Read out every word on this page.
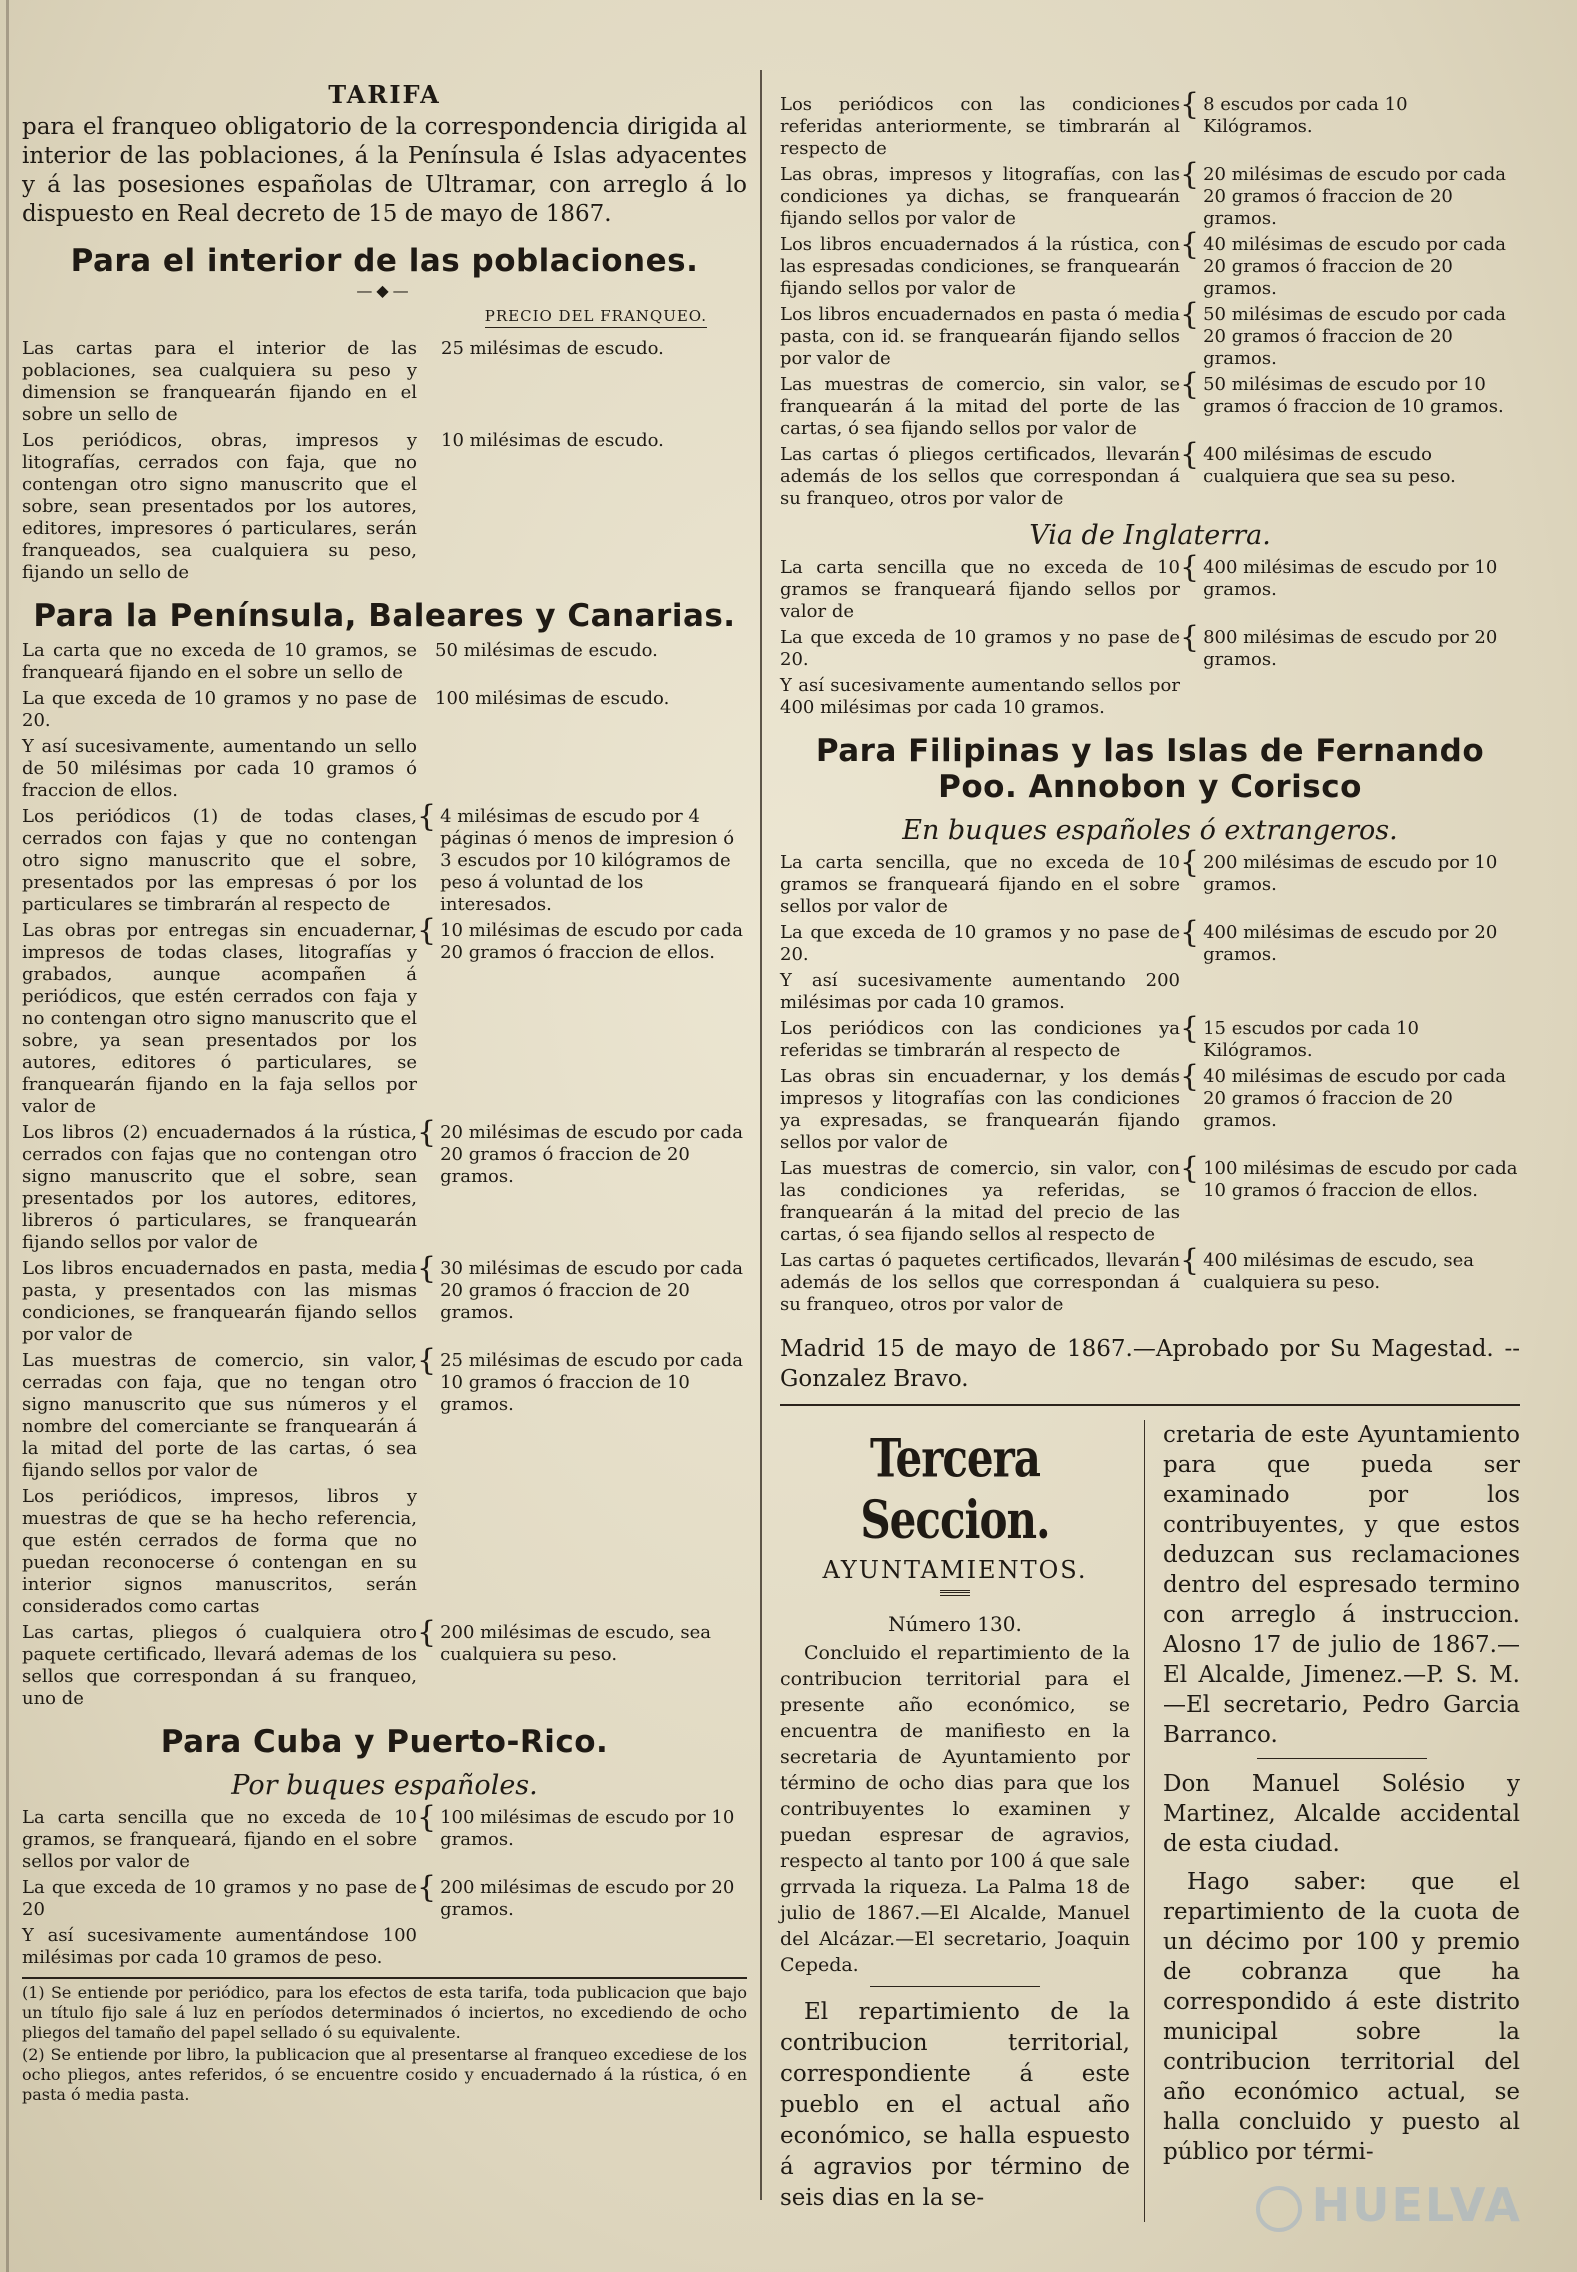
TARIFA

para el franqueo obligatorio de la correspondencia dirigida al interior de las poblaciones, á la Península é Islas adyacentes y á las posesiones españolas de Ultramar, con arreglo á lo dispuesto en Real decreto de 15 de mayo de 1867.

Para el interior de las poblaciones.
—◆—
PRECIO DEL FRANQUEO.
Las cartas para el interior de las poblaciones, sea cualquiera su peso y dimension se franquearán fijando en el sobre un sello de
25 milésimas de escudo.
Los periódicos, obras, impresos y litografías, cerrados con faja, que no contengan otro signo manuscrito que el sobre, sean presentados por los autores, editores, impresores ó particulares, serán franqueados, sea cualquiera su peso, fijando un sello de
10 milésimas de escudo.
Para la Península, Baleares y Canarias.
La carta que no exceda de 10 gramos, se franqueará fijando en el sobre un sello de
50 milésimas de escudo.
La que exceda de 10 gramos y no pase de 20.
100 milésimas de escudo.
Y así sucesivamente, aumentando un sello de 50 milésimas por cada 10 gramos ó fraccion de ellos.
Los periódicos (1) de todas clases, cerrados con fajas y que no contengan otro signo manuscrito que el sobre, presentados por las empresas ó por los particulares se timbrarán al respecto de
{ 4 milésimas de escudo por 4 páginas ó menos de impresion ó 3 escudos por 10 kilógramos de peso á voluntad de los interesados.
Las obras por entregas sin encuadernar, impresos de todas clases, litografías y grabados, aunque acompañen á periódicos, que estén cerrados con faja y no contengan otro signo manuscrito que el sobre, ya sean presentados por los autores, editores ó particulares, se franquearán fijando en la faja sellos por valor de
{ 10 milésimas de escudo por cada 20 gramos ó fraccion de ellos.
Los libros (2) encuadernados á la rústica, cerrados con fajas que no contengan otro signo manuscrito que el sobre, sean presentados por los autores, editores, libreros ó particulares, se franquearán fijando sellos por valor de
{ 20 milésimas de escudo por cada 20 gramos ó fraccion de 20 gramos.
Los libros encuadernados en pasta, media pasta, y presentados con las mismas condiciones, se franquearán fijando sellos por valor de
{ 30 milésimas de escudo por cada 20 gramos ó fraccion de 20 gramos.
Las muestras de comercio, sin valor, cerradas con faja, que no tengan otro signo manuscrito que sus números y el nombre del comerciante se franquearán á la mitad del porte de las cartas, ó sea fijando sellos por valor de
{ 25 milésimas de escudo por cada 10 gramos ó fraccion de 10 gramos.
Los periódicos, impresos, libros y muestras de que se ha hecho referencia, que estén cerrados de forma que no puedan reconocerse ó contengan en su interior signos manuscritos, serán considerados como cartas
Las cartas, pliegos ó cualquiera otro paquete certificado, llevará ademas de los sellos que correspondan á su franqueo, uno de
{ 200 milésimas de escudo, sea cualquiera su peso.
Para Cuba y Puerto-Rico.
Por buques españoles.
La carta sencilla que no exceda de 10 gramos, se franqueará, fijando en el sobre sellos por valor de
{ 100 milésimas de escudo por 10 gramos.
La que exceda de 10 gramos y no pase de 20
{ 200 milésimas de escudo por 20 gramos.
Y así sucesivamente aumentándose 100 milésimas por cada 10 gramos de peso.

(1) Se entiende por periódico, para los efectos de esta tarifa, toda publicacion que bajo un título fijo sale á luz en períodos determinados ó inciertos, no excediendo de ocho pliegos del tamaño del papel sellado ó su equivalente.

(2) Se entiende por libro, la publicacion que al presentarse al franqueo excediese de los ocho pliegos, antes referidos, ó se encuentre cosido y encuadernado á la rústica, ó en pasta ó media pasta.

Los periódicos con las condiciones referidas anteriormente, se timbrarán al respecto de
{ 8 escudos por cada 10 Kilógramos.
Las obras, impresos y litografías, con las condiciones ya dichas, se franquearán fijando sellos por valor de
{ 20 milésimas de escudo por cada 20 gramos ó fraccion de 20 gramos.
Los libros encuadernados á la rústica, con las espresadas condiciones, se franquearán fijando sellos por valor de
{ 40 milésimas de escudo por cada 20 gramos ó fraccion de 20 gramos.
Los libros encuadernados en pasta ó media pasta, con id. se franquearán fijando sellos por valor de
{ 50 milésimas de escudo por cada 20 gramos ó fraccion de 20 gramos.
Las muestras de comercio, sin valor, se franquearán á la mitad del porte de las cartas, ó sea fijando sellos por valor de
{ 50 milésimas de escudo por 10 gramos ó fraccion de 10 gramos.
Las cartas ó pliegos certificados, llevarán además de los sellos que correspondan á su franqueo, otros por valor de
{ 400 milésimas de escudo cualquiera que sea su peso.
Via de Inglaterra.
La carta sencilla que no exceda de 10 gramos se franqueará fijando sellos por valor de
{ 400 milésimas de escudo por 10 gramos.
La que exceda de 10 gramos y no pase de 20.
{ 800 milésimas de escudo por 20 gramos.
Y así sucesivamente aumentando sellos por 400 milésimas por cada 10 gramos.
Para Filipinas y las Islas de Fernando Poo. Annobon y Corisco
En buques españoles ó extrangeros.
La carta sencilla, que no exceda de 10 gramos se franqueará fijando en el sobre sellos por valor de
{ 200 milésimas de escudo por 10 gramos.
La que exceda de 10 gramos y no pase de 20.
{ 400 milésimas de escudo por 20 gramos.
Y así sucesivamente aumentando 200 milésimas por cada 10 gramos.
Los periódicos con las condiciones ya referidas se timbrarán al respecto de
{ 15 escudos por cada 10 Kilógramos.
Las obras sin encuadernar, y los demás impresos y litografías con las condiciones ya expresadas, se franquearán fijando sellos por valor de
{ 40 milésimas de escudo por cada 20 gramos ó fraccion de 20 gramos.
Las muestras de comercio, sin valor, con las condiciones ya referidas, se franquearán á la mitad del precio de las cartas, ó sea fijando sellos al respecto de
{ 100 milésimas de escudo por cada 10 gramos ó fraccion de ellos.
Las cartas ó paquetes certificados, llevarán además de los sellos que correspondan á su franqueo, otros por valor de
{ 400 milésimas de escudo, sea cualquiera su peso.

Madrid 15 de mayo de 1867.—Aprobado por Su Magestad. --Gonzalez Bravo.

Tercera Seccion.
AYUNTAMIENTOS.
Número 130.

Concluido el repartimiento de la contribucion territorial para el presente año económico, se encuentra de manifiesto en la secretaria de Ayuntamiento por término de ocho dias para que los contribuyentes lo examinen y puedan espresar de agravios, respecto al tanto por 100 á que sale grrvada la riqueza. La Palma 18 de julio de 1867.—El Alcalde, Manuel del Alcázar.—El secretario, Joaquin Cepeda.

El repartimiento de la contribucion territorial, correspondiente á este pueblo en el actual año económico, se halla espuesto á agravios por término de seis dias en la se-

cretaria de este Ayuntamiento para que pueda ser examinado por los contribuyentes, y que estos deduzcan sus reclamaciones dentro del espresado termino con arreglo á instruccion. Alosno 17 de julio de 1867.—El Alcalde, Jimenez.—P. S. M.—El secretario, Pedro Garcia Barranco.

Don Manuel Solésio y Martinez, Alcalde accidental de esta ciudad.

Hago saber: que el repartimiento de la cuota de un décimo por 100 y premio de cobranza que ha correspondido á este distrito municipal sobre la contribucion territorial del año económico actual, se halla concluido y puesto al público por térmi-

HUELVA
